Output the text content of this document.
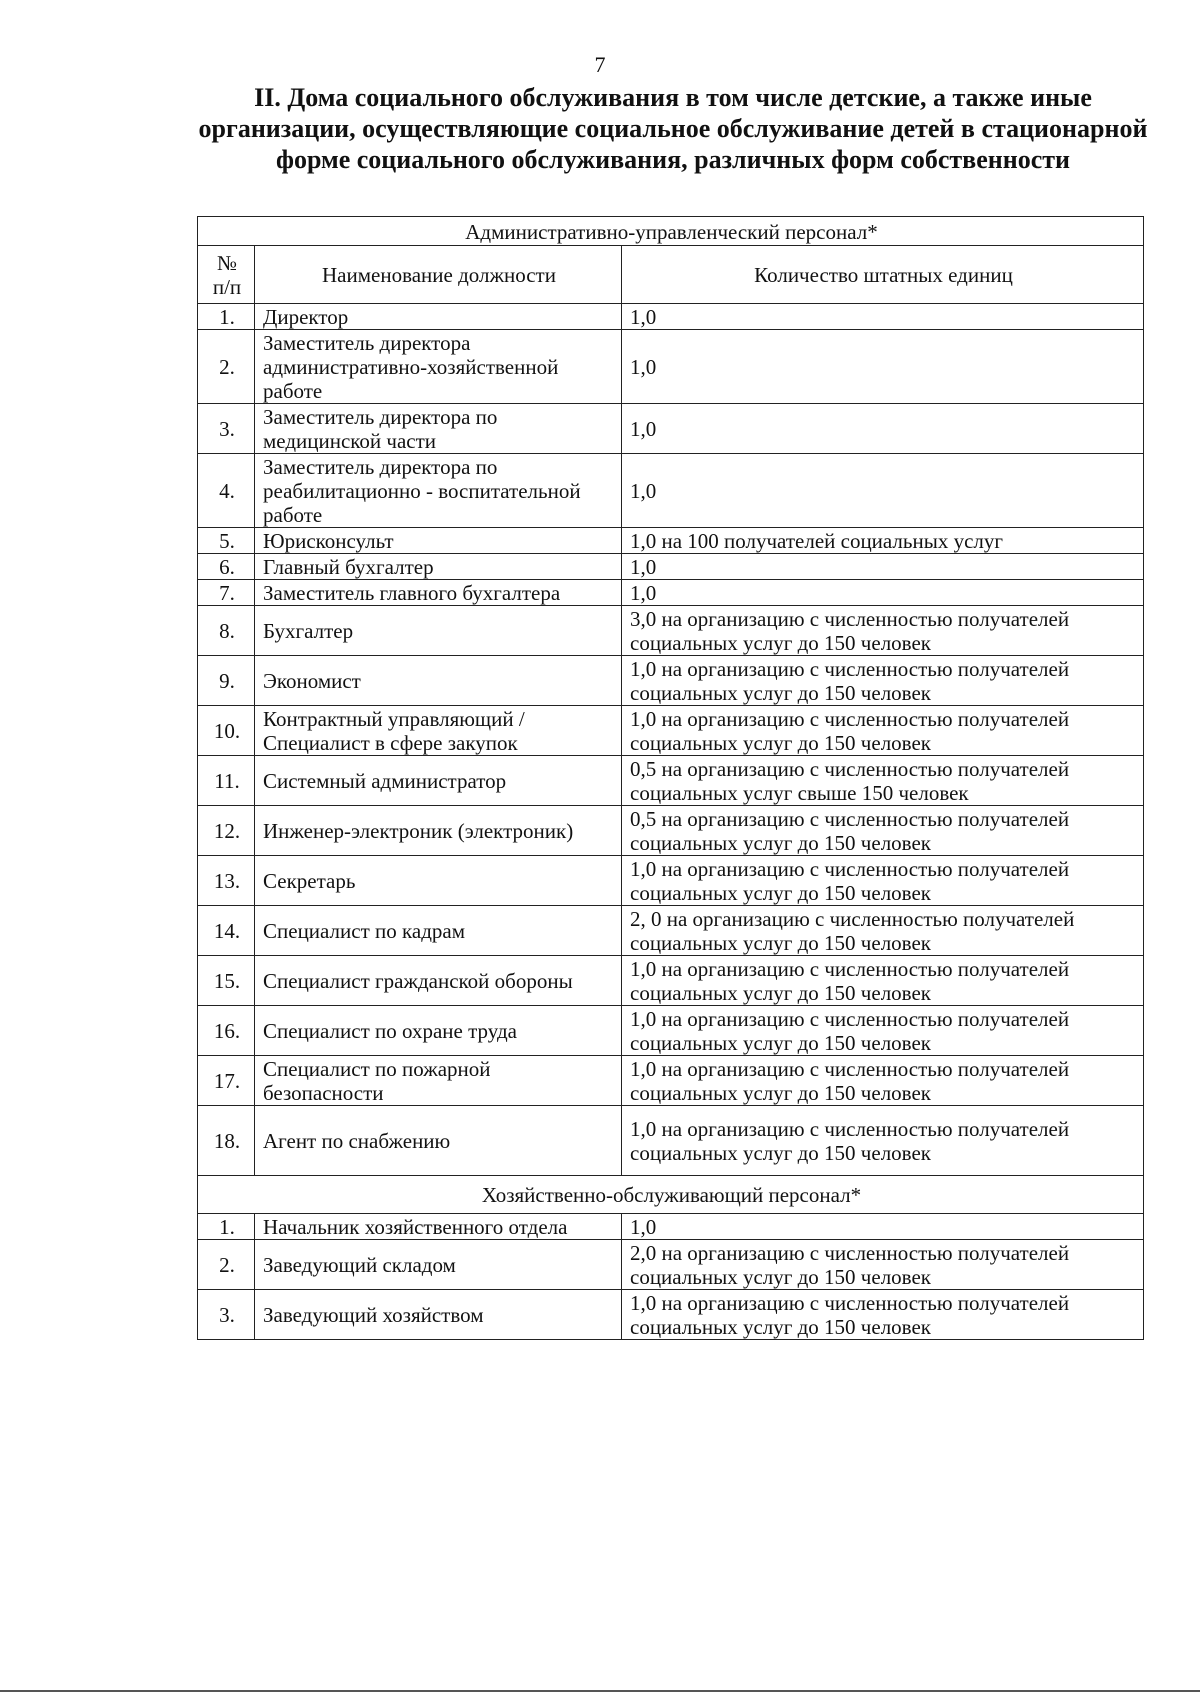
7
II. Дома социального обслуживания в том числе детские, а также иные организации, осуществляющие социальное обслуживание детей в стационарной форме социального обслуживания, различных форм собственности
Административно-управленческий персонал*		
№ п/п	Наименование должности	Количество штатных единиц
1.	Директор	1,0
2.	Заместитель директора административно-хозяйственной работе	1,0
3.	Заместитель директора по медицинской части	1,0
4.	Заместитель директора по реабилитационно - воспитательной работе	1,0
5.	Юрисконсульт	1,0 на 100 получателей социальных услуг
6.	Главный бухгалтер	1,0
7.	Заместитель главного бухгалтера	1,0
8.	Бухгалтер	3,0 на организацию с численностью получателей социальных услуг до 150 человек
9.	Экономист	1,0 на организацию с численностью получателей социальных услуг до 150 человек
10.	Контрактный управляющий / Специалист в сфере закупок	1,0 на организацию с численностью получателей социальных услуг до 150 человек
11.	Системный администратор	0,5 на организацию с численностью получателей социальных услуг свыше 150 человек
12.	Инженер-электроник (электроник)	0,5 на организацию с численностью получателей социальных услуг до 150 человек
13.	Секретарь	1,0 на организацию с численностью получателей социальных услуг до 150 человек
14.	Специалист по кадрам	2, 0 на организацию с численностью получателей социальных услуг до 150 человек
15.	Специалист гражданской обороны	1,0 на организацию с численностью получателей социальных услуг до 150 человек
16.	Специалист по охране труда	1,0 на организацию с численностью получателей социальных услуг до 150 человек
17.	Специалист по пожарной безопасности	1,0 на организацию с численностью получателей социальных услуг до 150 человек
18.	Агент по снабжению	1,0 на организацию с численностью получателей социальных услуг до 150 человек
Хозяйственно-обслуживающий персонал*		
1.	Начальник хозяйственного отдела	1,0
2.	Заведующий складом	2,0 на организацию с численностью получателей социальных услуг до 150 человек
3.	Заведующий хозяйством	1,0 на организацию с численностью получателей социальных услуг до 150 человек
